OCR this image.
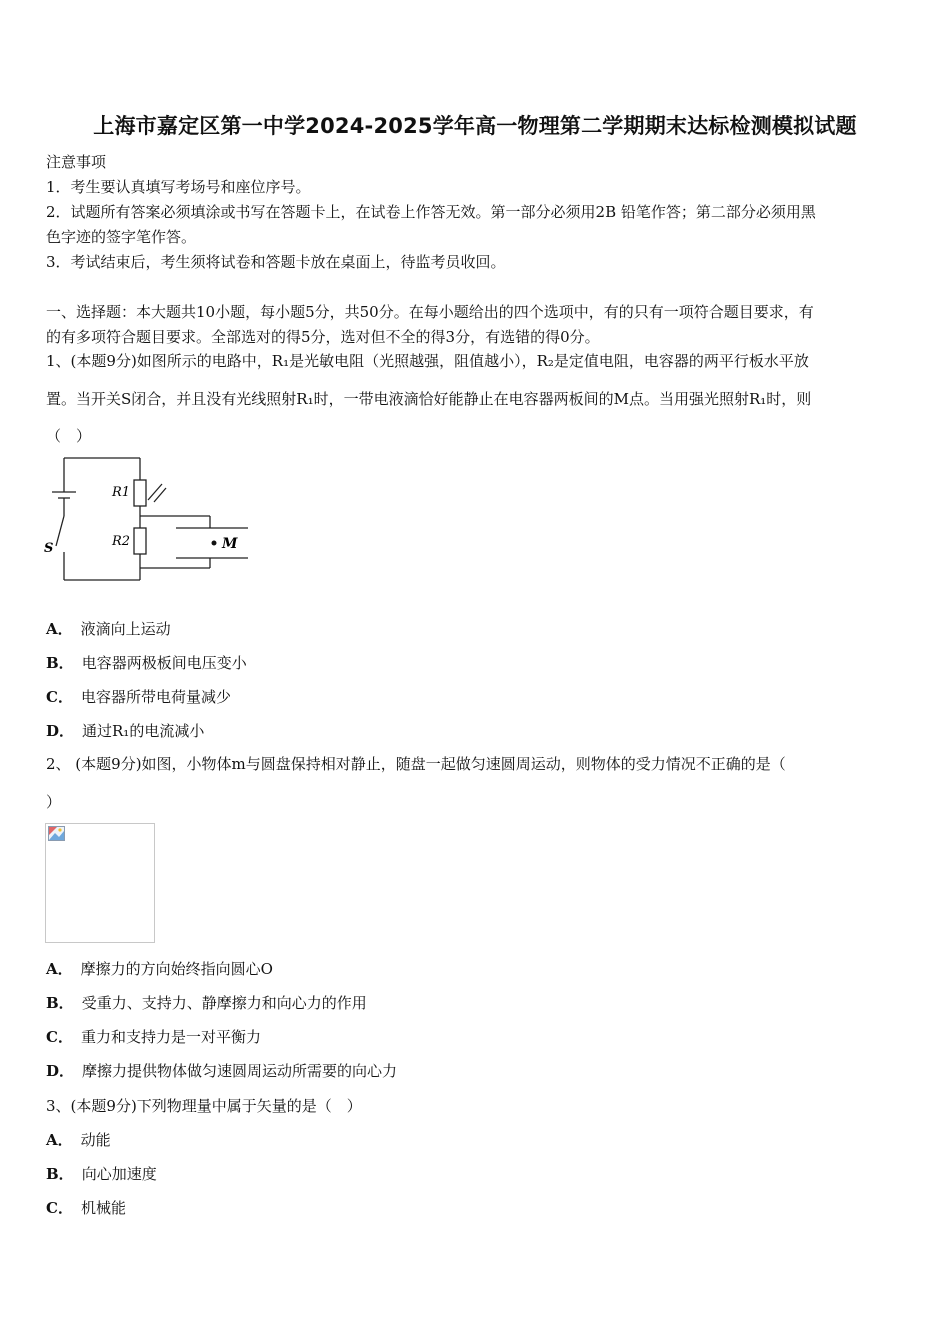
上海市嘉定区第一中学2024-2025学年高一物理第二学期期末达标检测模拟试题
注意事项
1．考生要认真填写考场号和座位序号。
2．试题所有答案必须填涂或书写在答题卡上，在试卷上作答无效。第一部分必须用2B 铅笔作答；第二部分必须用黑
色字迹的签字笔作答。
3．考试结束后，考生须将试卷和答题卡放在桌面上，待监考员收回。
一、选择题：本大题共10小题，每小题5分，共50分。在每小题给出的四个选项中，有的只有一项符合题目要求，有
的有多项符合题目要求。全部选对的得5分，选对但不全的得3分，有选错的得0分。
1、(本题9分)如图所示的电路中，R₁是光敏电阻（光照越强，阻值越小），R₂是定值电阻，电容器的两平行板水平放
置。当开关S闭合，并且没有光线照射R₁时，一带电液滴恰好能静止在电容器两板间的M点。当用强光照射R₁时，则
（　）
R1
R2
S	M
A． 液滴向上运动
B． 电容器两极板间电压变小
C． 电容器所带电荷量减少
D． 通过R₁的电流减小
2、 (本题9分)如图，小物体m与圆盘保持相对静止，随盘一起做匀速圆周运动，则物体的受力情况不正确的是（
）
A． 摩擦力的方向始终指向圆心O
B． 受重力、支持力、静摩擦力和向心力的作用
C． 重力和支持力是一对平衡力
D． 摩擦力提供物体做匀速圆周运动所需要的向心力
3、(本题9分)下列物理量中属于矢量的是（　）
A． 动能
B． 向心加速度
C． 机械能
